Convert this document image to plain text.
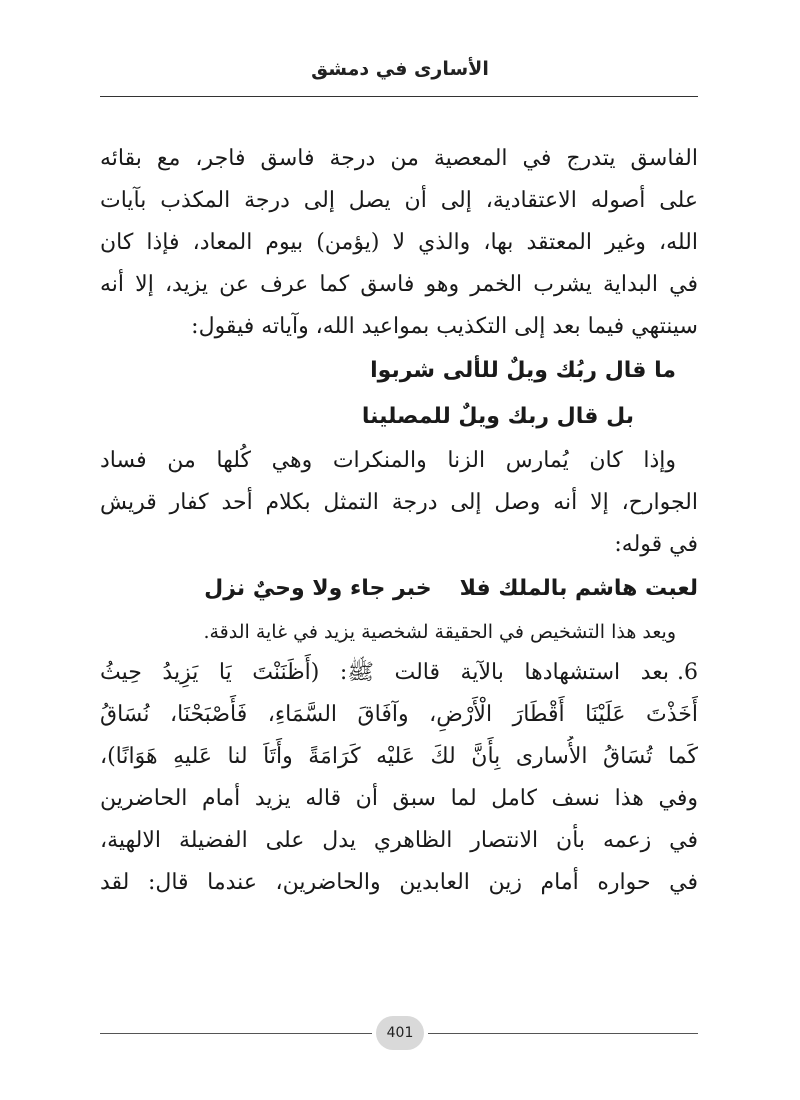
الأسارى في دمشق
الفاسق يتدرج في المعصية من درجة فاسق فاجر، مع بقائه
على أصوله الاعتقادية، إلى أن يصل إلى درجة المكذب بآيات
الله، وغير المعتقد بها، والذي لا (يؤمن) بيوم المعاد، فإذا كان
في البداية يشرب الخمر وهو فاسق كما عرف عن يزيد، إلا أنه
سينتهي فيما بعد إلى التكذيب بمواعيد الله، وآياته فيقول:
ما قال ربُك ويلٌ للألى شربوا
بل قال ربك ويلٌ للمصلينا
وإذا كان يُمارس الزنا والمنكرات وهي كُلها من فساد
الجوارح، إلا أنه وصل إلى درجة التمثل بكلام أحد كفار قريش
في قوله:
لعبت هاشم بالملك فلاخبر جاء ولا وحيٌ نزل
ويعد هذا التشخيص في الحقيقة لشخصية يزيد في غاية الدقة.
6.بعد استشهادها بالآية قالت ﷺ: (أَظَنَنْتَ يَا يَزِيدُ حِيثُ
أَخَذْتَ عَلَيْنَا أَقْطَارَ الْأَرْضِ، وآفَاقَ السَّمَاءِ، فَأَصْبَحْنَا، نُسَاقُ
كَما تُسَاقُ الأُسارى بِأَنَّ لكَ عَليْه كَرَامَةً وأَتَاَ لنا عَليهِ هَوَانًا)،
وفي هذا نسف كامل لما سبق أن قاله يزيد أمام الحاضرين
في زعمه بأن الانتصار الظاهري يدل على الفضيلة الالهية،
في حواره أمام زين العابدين والحاضرين، عندما قال: لقد
401
